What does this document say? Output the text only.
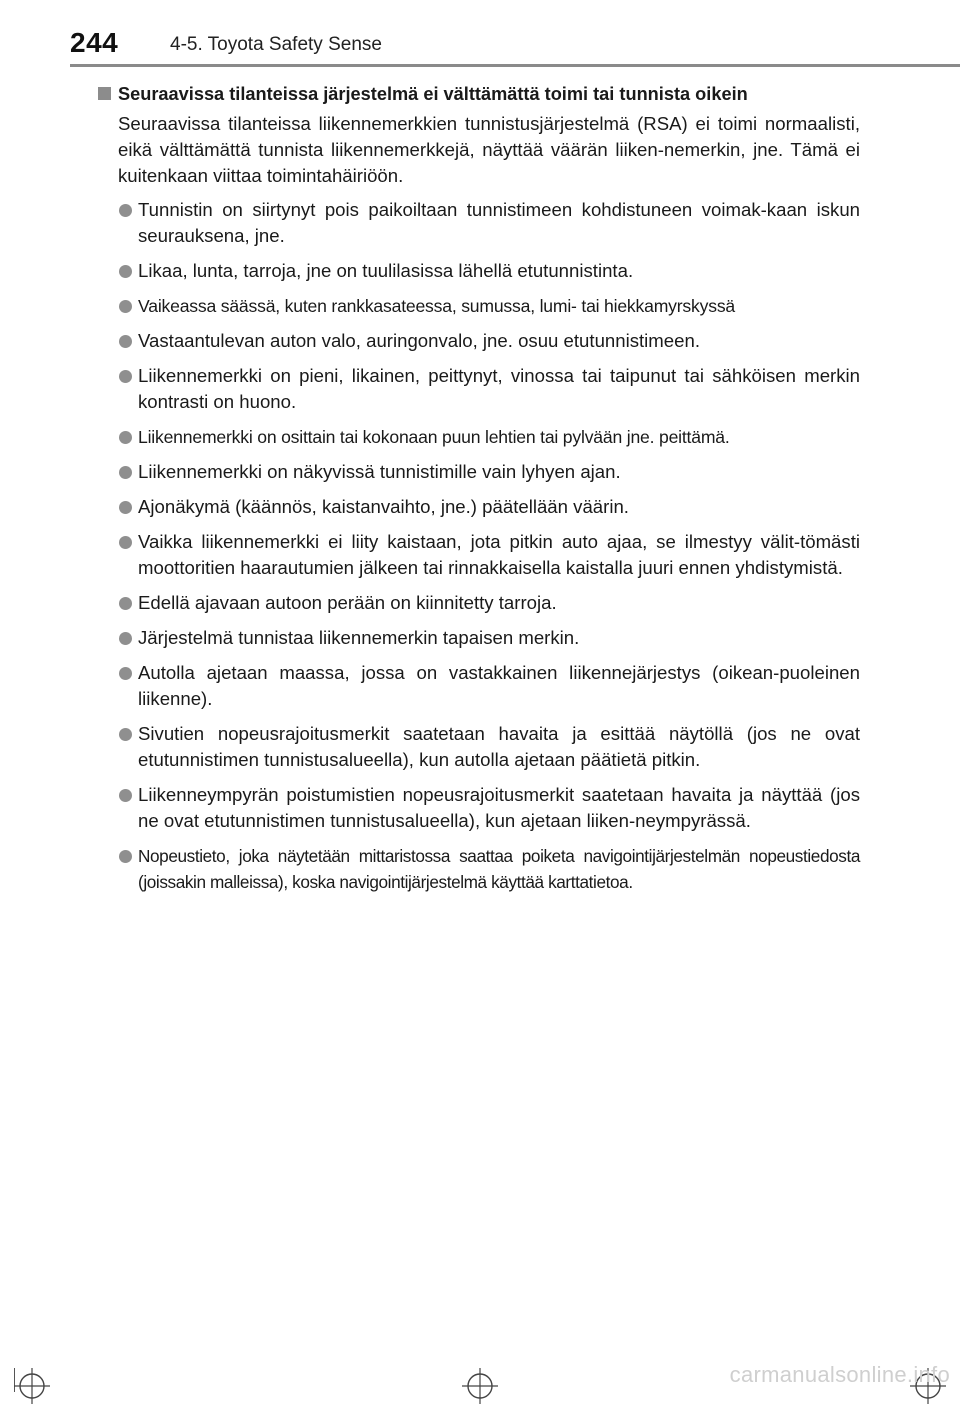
244	4-5. Toyota Safety Sense
Seuraavissa tilanteissa järjestelmä ei välttämättä toimi tai tunnista oikein
Seuraavissa tilanteissa liikennemerkkien tunnistusjärjestelmä (RSA) ei toimi normaalisti, eikä välttämättä tunnista liikennemerkkejä, näyttää väärän liiken-nemerkin, jne. Tämä ei kuitenkaan viittaa toimintahäiriöön.
Tunnistin on siirtynyt pois paikoiltaan tunnistimeen kohdistuneen voimak-kaan iskun seurauksena, jne.
Likaa, lunta, tarroja, jne on tuulilasissa lähellä etutunnistinta.
Vaikeassa säässä, kuten rankkasateessa, sumussa, lumi- tai hiekkamyrskyssä
Vastaantulevan auton valo, auringonvalo, jne. osuu etutunnistimeen.
Liikennemerkki on pieni, likainen, peittynyt, vinossa tai taipunut tai sähköisen merkin kontrasti on huono.
Liikennemerkki on osittain tai kokonaan puun lehtien tai pylvään jne. peittämä.
Liikennemerkki on näkyvissä tunnistimille vain lyhyen ajan.
Ajonäkymä (käännös, kaistanvaihto, jne.) päätellään väärin.
Vaikka liikennemerkki ei liity kaistaan, jota pitkin auto ajaa, se ilmestyy välit-tömästi moottoritien haarautumien jälkeen tai rinnakkaisella kaistalla juuri ennen yhdistymistä.
Edellä ajavaan autoon perään on kiinnitetty tarroja.
Järjestelmä tunnistaa liikennemerkin tapaisen merkin.
Autolla ajetaan maassa, jossa on vastakkainen liikennejärjestys (oikean-puoleinen liikenne).
Sivutien nopeusrajoitusmerkit saatetaan havaita ja esittää näytöllä (jos ne ovat etutunnistimen tunnistusalueella), kun autolla ajetaan päätietä pitkin.
Liikenneympyrän poistumistien nopeusrajoitusmerkit saatetaan havaita ja näyttää (jos ne ovat etutunnistimen tunnistusalueella), kun ajetaan liiken-neympyrässä.
Nopeustieto, joka näytetään mittaristossa saattaa poiketa navigointijärjestelmän nopeustiedosta (joissakin malleissa), koska navigointijärjestelmä käyttää karttatietoa.
carmanualsonline.info
